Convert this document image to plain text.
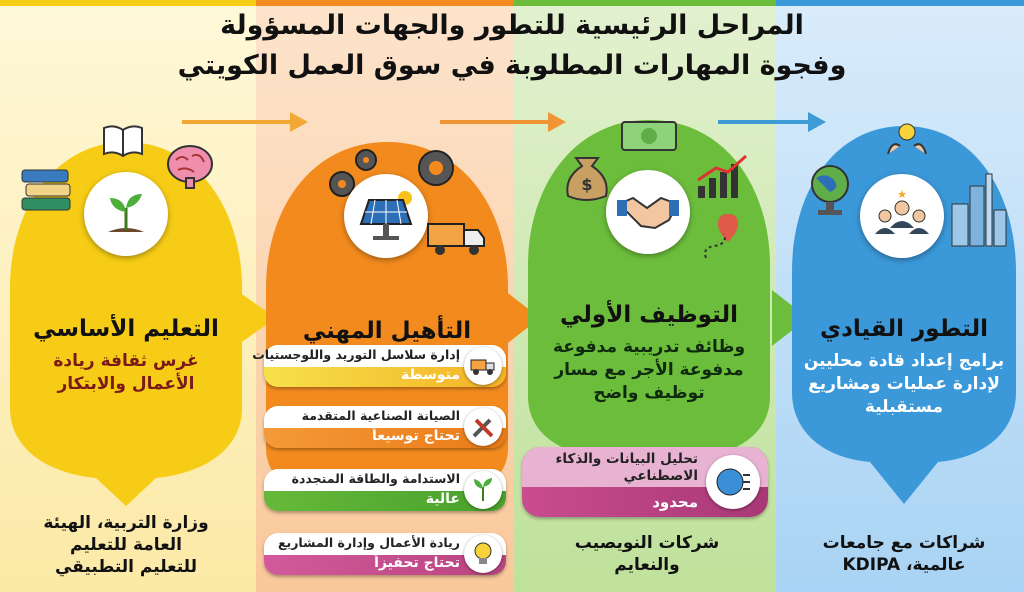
المراحل الرئيسية للتطور والجهات المسؤولة
وفجوة المهارات المطلوبة في سوق العمل الكويتي
التعليم الأساسي
غرس ثقافة ريادة
الأعمال والابتكار
وزارة التربية، الهيئة
العامة للتعليم
للتعليم التطبيقي
التأهيل المهني
إدارة سلاسل التوريد واللوجستيات
متوسطة
الصيانة الصناعية المتقدمة
تحتاج توسيعاً
الاستدامة والطاقة المتجددة
عالية
ريادة الأعمال وإدارة المشاريع
تحتاج تحفيزاً
$
التوظيف الأولي
وظائف تدريبية مدفوعة
مدفوعة الأجر مع مسار
توظيف واضح
تحليل البيانات والذكاء الاصطناعي
محدود
شركات النويصيب
والنعايم
★
التطور القيادي
برامج إعداد قادة محليين
لإدارة عمليات ومشاريع
مستقبلية
شراكات مع جامعات
عالمية، KDIPA
